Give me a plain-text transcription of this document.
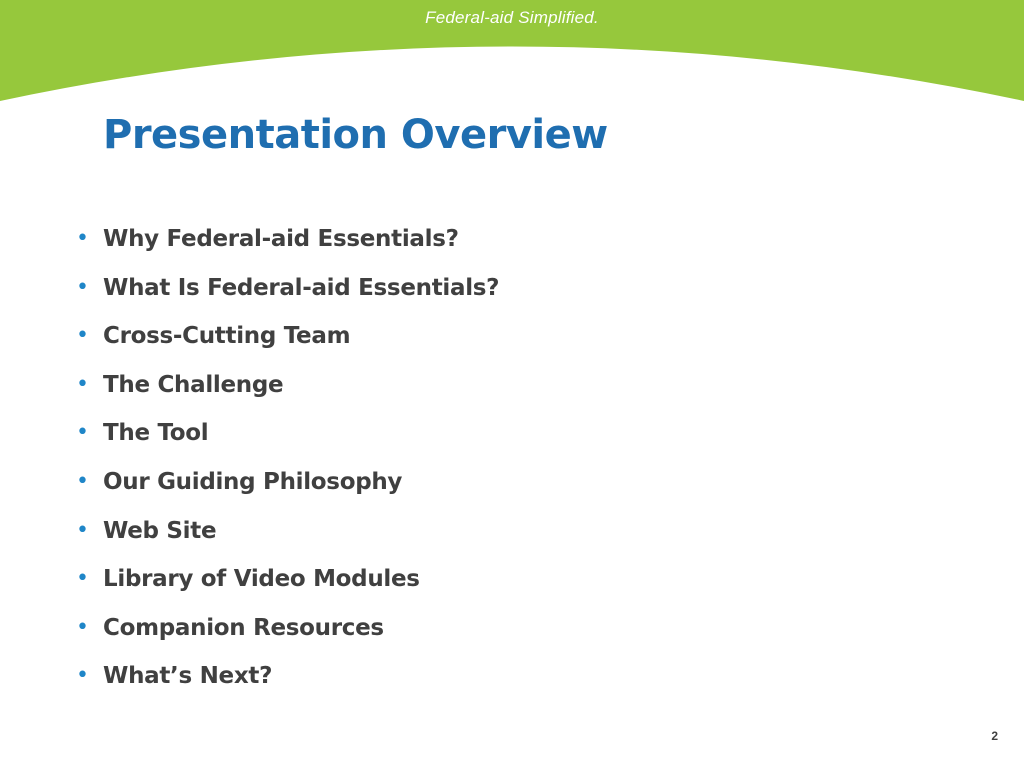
Federal-aid Simplified.
Presentation Overview
• Why Federal-aid Essentials?
• What Is Federal-aid Essentials?
• Cross-Cutting Team
• The Challenge
• The Tool
• Our Guiding Philosophy
• Web Site
• Library of Video Modules
• Companion Resources
• What’s Next?
2
